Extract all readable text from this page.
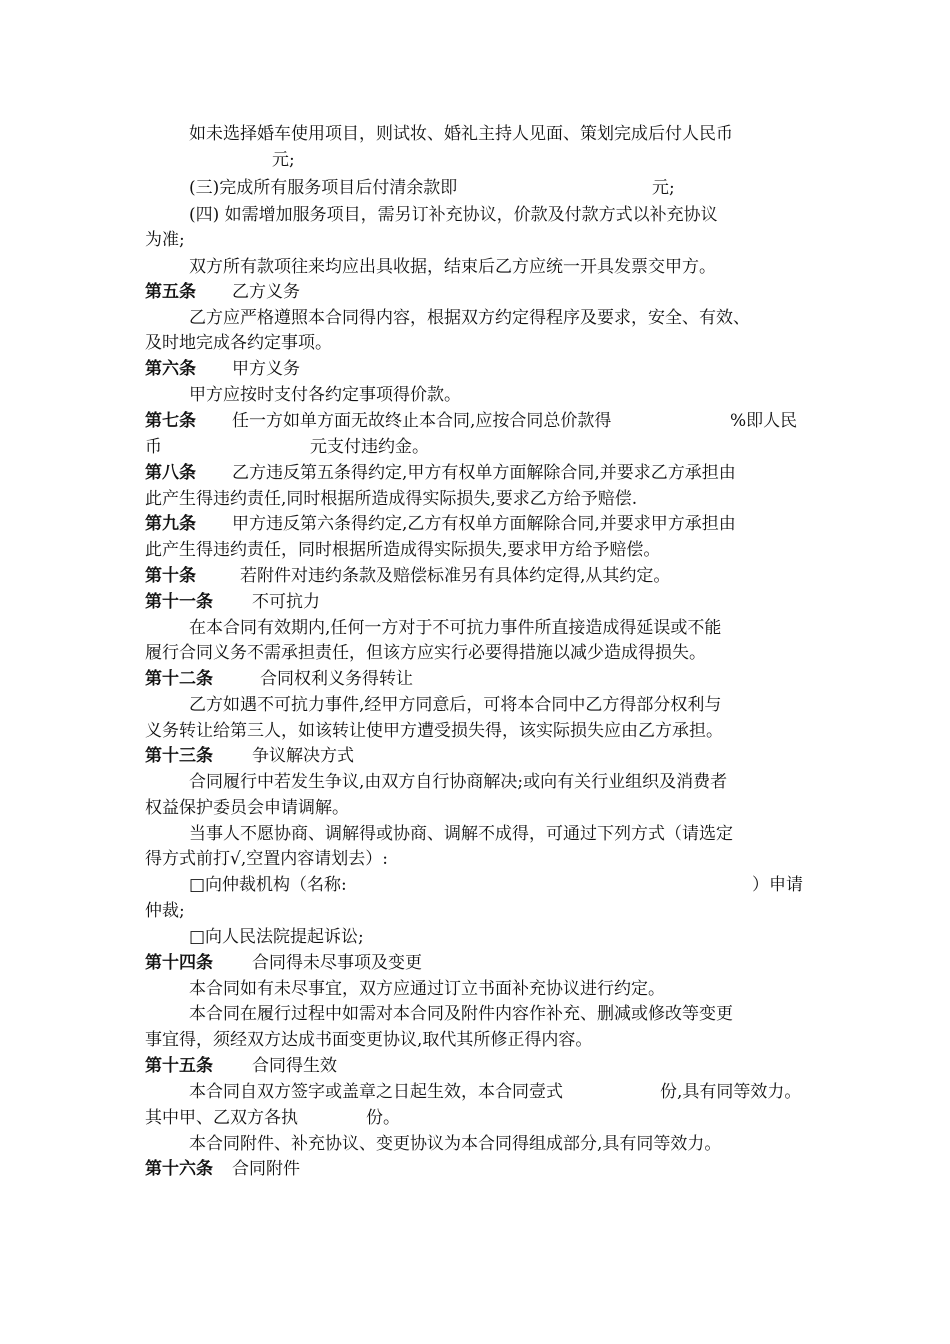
如未选择婚车使用项目，则试妆、婚礼主持人见面、策划完成后付人民币
元;
(三)完成所有服务项目后付清余款即	元;
(四) 如需增加服务项目，需另订补充协议，价款及付款方式以补充协议
为准;
双方所有款项往来均应出具收据，结束后乙方应统一开具发票交甲方。
第五条 乙方义务
乙方应严格遵照本合同得内容，根据双方约定得程序及要求，安全、有效、
及时地完成各约定事项。
第六条 甲方义务
甲方应按时支付各约定事项得价款。
第七条 任一方如单方面无故终止本合同,应按合同总价款得	%即人民
币	元支付违约金。
第八条 乙方违反第五条得约定,甲方有权单方面解除合同,并要求乙方承担由
此产生得违约责任,同时根据所造成得实际损失,要求乙方给予赔偿.
第九条 甲方违反第六条得约定,乙方有权单方面解除合同,并要求甲方承担由
此产生得违约责任，同时根据所造成得实际损失,要求甲方给予赔偿。
第十条	若附件对违约条款及赔偿标准另有具体约定得,从其约定。
第十一条 不可抗力
在本合同有效期内,任何一方对于不可抗力事件所直接造成得延误或不能
履行合同义务不需承担责任，但该方应实行必要得措施以减少造成得损失。
第十二条	合同权利义务得转让
乙方如遇不可抗力事件,经甲方同意后，可将本合同中乙方得部分权利与
义务转让给第三人，如该转让使甲方遭受损失得，该实际损失应由乙方承担。
第十三条 争议解决方式
合同履行中若发生争议,由双方自行协商解决;或向有关行业组织及消费者
权益保护委员会申请调解。
当事人不愿协商、调解得或协商、调解不成得，可通过下列方式（请选定
得方式前打√,空置内容请划去）:
□向仲裁机构（名称:	）申请
仲裁;
□向人民法院提起诉讼;
第十四条 合同得未尽事项及变更
本合同如有未尽事宜，双方应通过订立书面补充协议进行约定。
本合同在履行过程中如需对本合同及附件内容作补充、删减或修改等变更
事宜得，须经双方达成书面变更协议,取代其所修正得内容。
第十五条 合同得生效
本合同自双方签字或盖章之日起生效，本合同壹式	份,具有同等效力。
其中甲、乙双方各执	份。
本合同附件、补充协议、变更协议为本合同得组成部分,具有同等效力。
第十六条 合同附件
